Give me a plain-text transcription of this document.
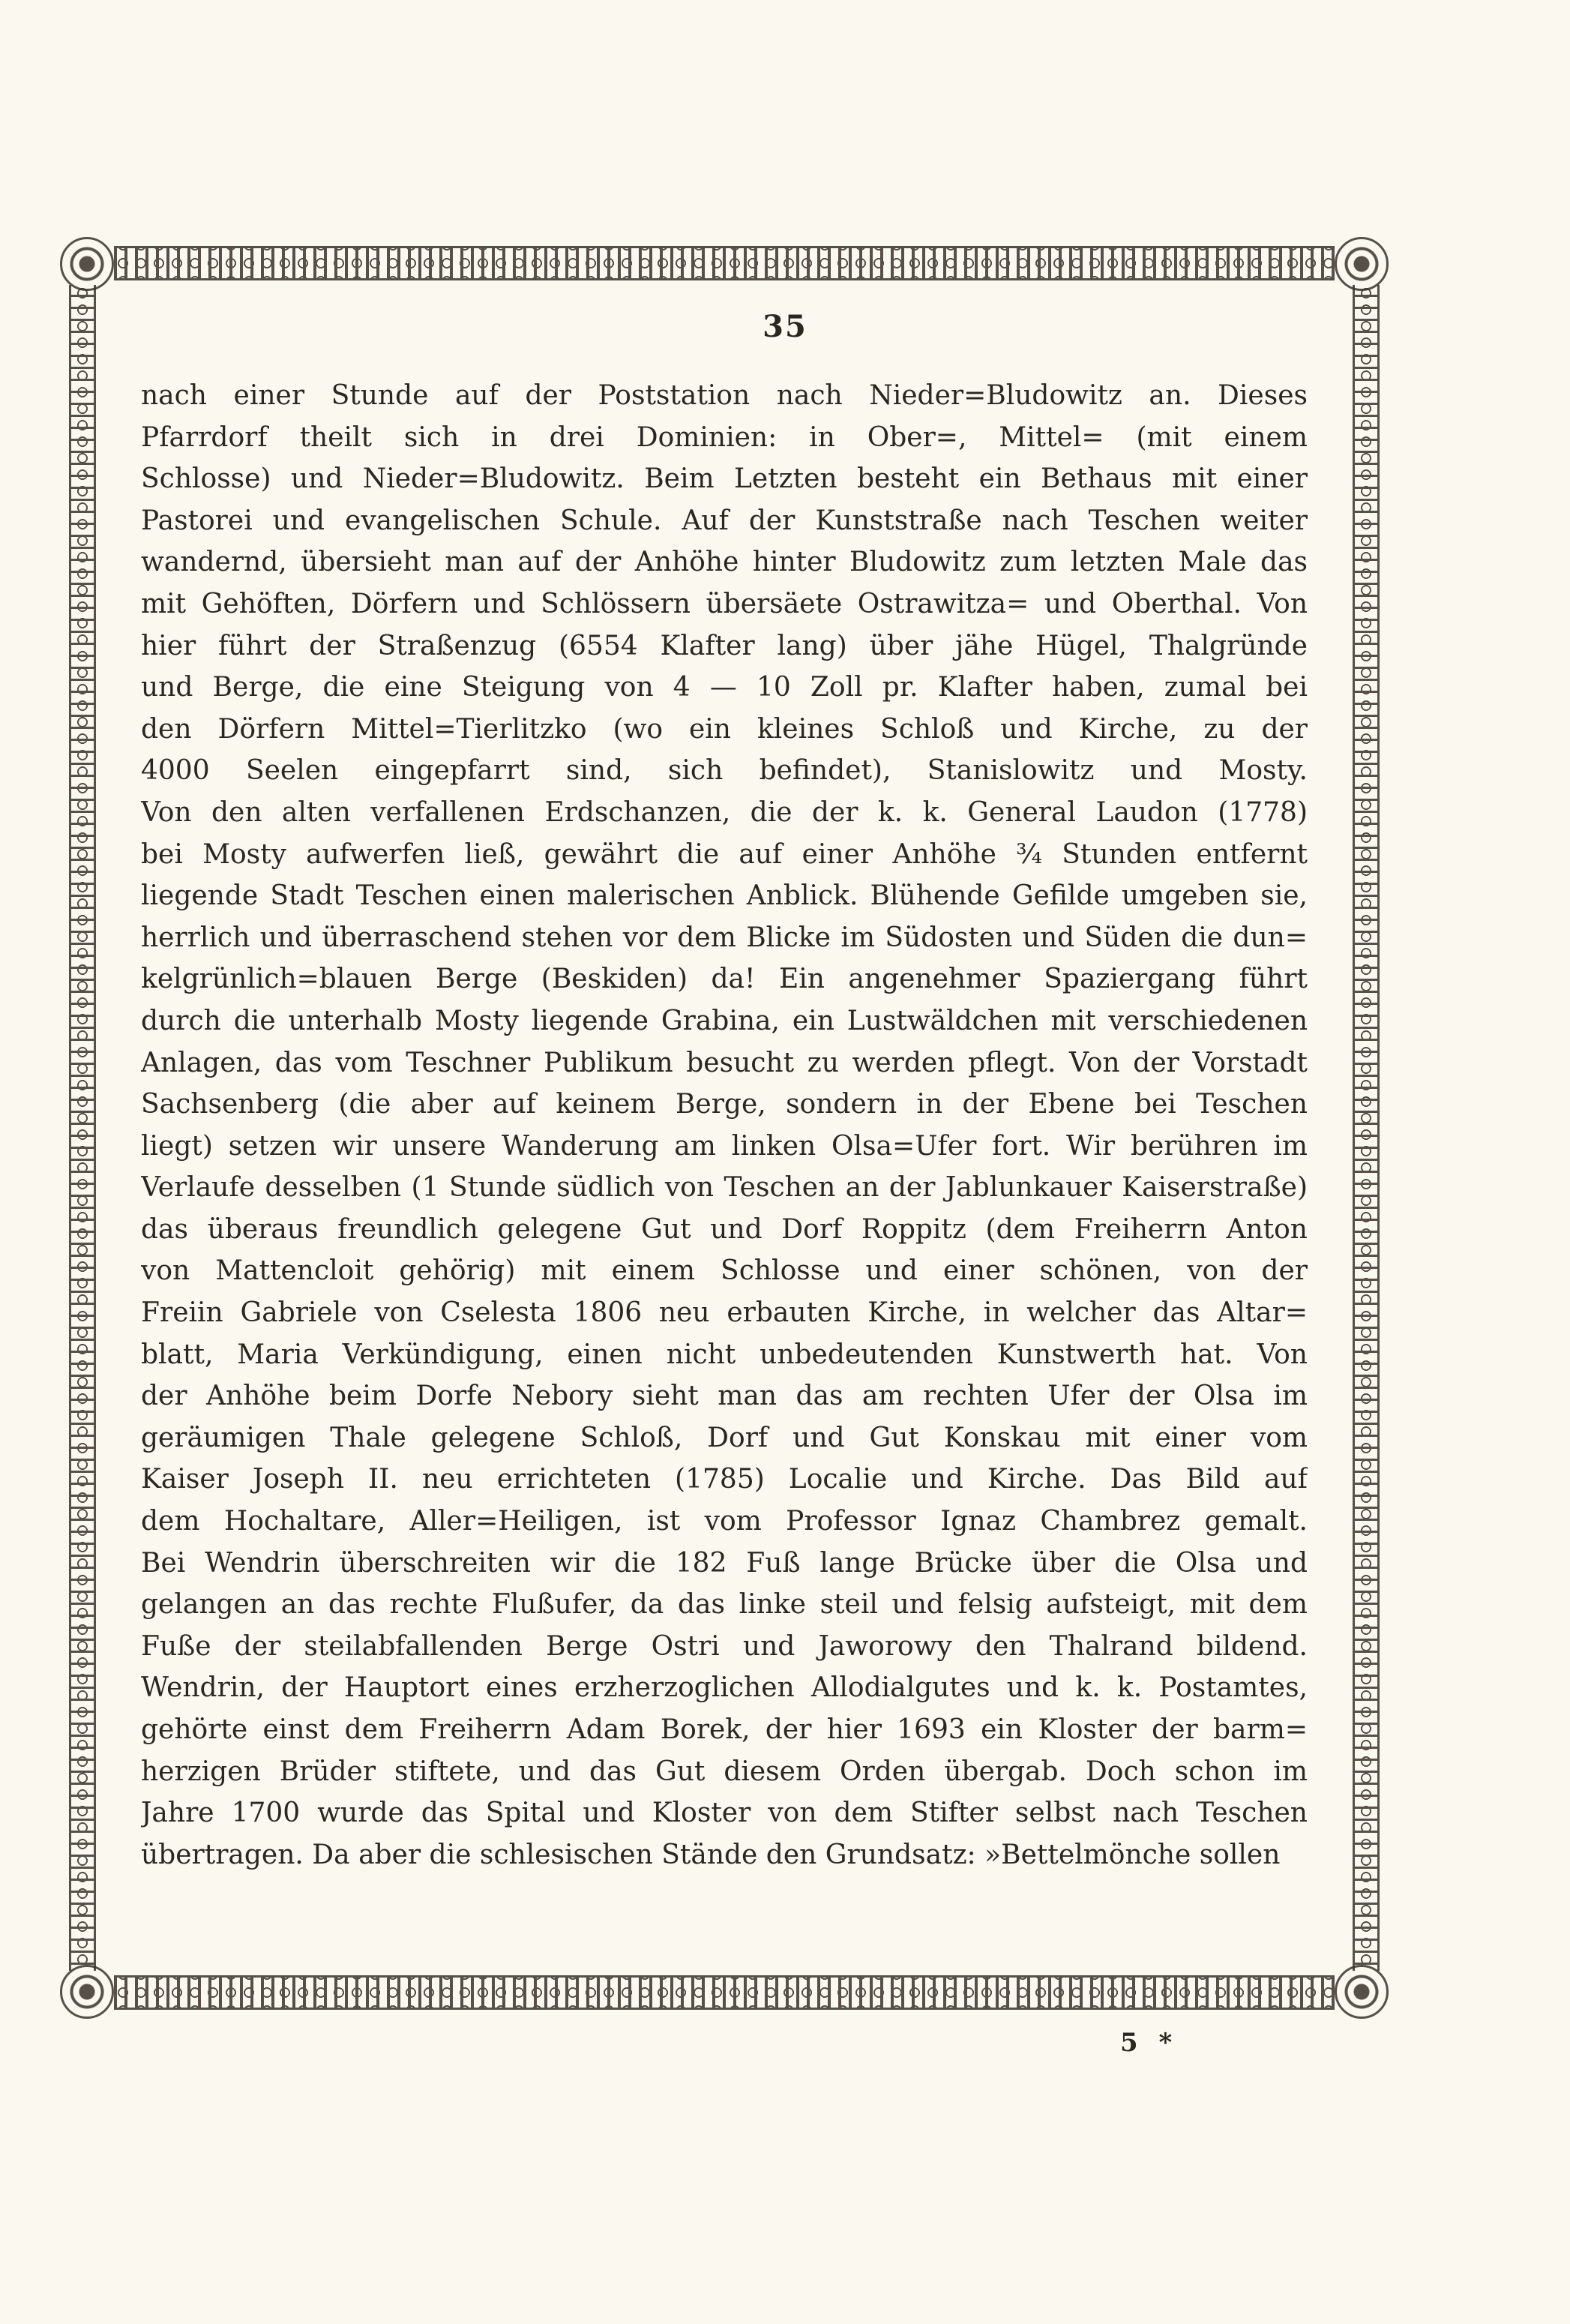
35
nach einer Stunde auf der Poststation nach Nieder=Bludowitz an. Dieses
Pfarrdorf theilt sich in drei Dominien: in Ober=, Mittel= (mit einem
Schlosse) und Nieder=Bludowitz. Beim Letzten besteht ein Bethaus mit einer
Pastorei und evangelischen Schule. Auf der Kunststraße nach Teschen weiter
wandernd, übersieht man auf der Anhöhe hinter Bludowitz zum letzten Male das
mit Gehöften, Dörfern und Schlössern übersäete Ostrawitza= und Oberthal. Von
hier führt der Straßenzug (6554 Klafter lang) über jähe Hügel, Thalgründe
und Berge, die eine Steigung von 4 — 10 Zoll pr. Klafter haben, zumal bei
den Dörfern Mittel=Tierlitzko (wo ein kleines Schloß und Kirche, zu der
4000 Seelen eingepfarrt sind, sich befindet), Stanislowitz und Mosty.
Von den alten verfallenen Erdschanzen, die der k. k. General Laudon (1778)
bei Mosty aufwerfen ließ, gewährt die auf einer Anhöhe ¾ Stunden entfernt
liegende Stadt Teschen einen malerischen Anblick. Blühende Gefilde umgeben sie,
herrlich und überraschend stehen vor dem Blicke im Südosten und Süden die dun=
kelgrünlich=blauen Berge (Beskiden) da! Ein angenehmer Spaziergang führt
durch die unterhalb Mosty liegende Grabina, ein Lustwäldchen mit verschiedenen
Anlagen, das vom Teschner Publikum besucht zu werden pflegt. Von der Vorstadt
Sachsenberg (die aber auf keinem Berge, sondern in der Ebene bei Teschen
liegt) setzen wir unsere Wanderung am linken Olsa=Ufer fort. Wir berühren im
Verlaufe desselben (1 Stunde südlich von Teschen an der Jablunkauer Kaiserstraße)
das überaus freundlich gelegene Gut und Dorf Roppitz (dem Freiherrn Anton
von Mattencloit gehörig) mit einem Schlosse und einer schönen, von der
Freiin Gabriele von Cselesta 1806 neu erbauten Kirche, in welcher das Altar=
blatt, Maria Verkündigung, einen nicht unbedeutenden Kunstwerth hat. Von
der Anhöhe beim Dorfe Nebory sieht man das am rechten Ufer der Olsa im
geräumigen Thale gelegene Schloß, Dorf und Gut Konskau mit einer vom
Kaiser Joseph II. neu errichteten (1785) Localie und Kirche. Das Bild auf
dem Hochaltare, Aller=Heiligen, ist vom Professor Ignaz Chambrez gemalt.
Bei Wendrin überschreiten wir die 182 Fuß lange Brücke über die Olsa und
gelangen an das rechte Flußufer, da das linke steil und felsig aufsteigt, mit dem
Fuße der steilabfallenden Berge Ostri und Jaworowy den Thalrand bildend.
Wendrin, der Hauptort eines erzherzoglichen Allodialgutes und k. k. Postamtes,
gehörte einst dem Freiherrn Adam Borek, der hier 1693 ein Kloster der barm=
herzigen Brüder stiftete, und das Gut diesem Orden übergab. Doch schon im
Jahre 1700 wurde das Spital und Kloster von dem Stifter selbst nach Teschen
übertragen. Da aber die schlesischen Stände den Grundsatz: »Bettelmönche sollen
5 *
